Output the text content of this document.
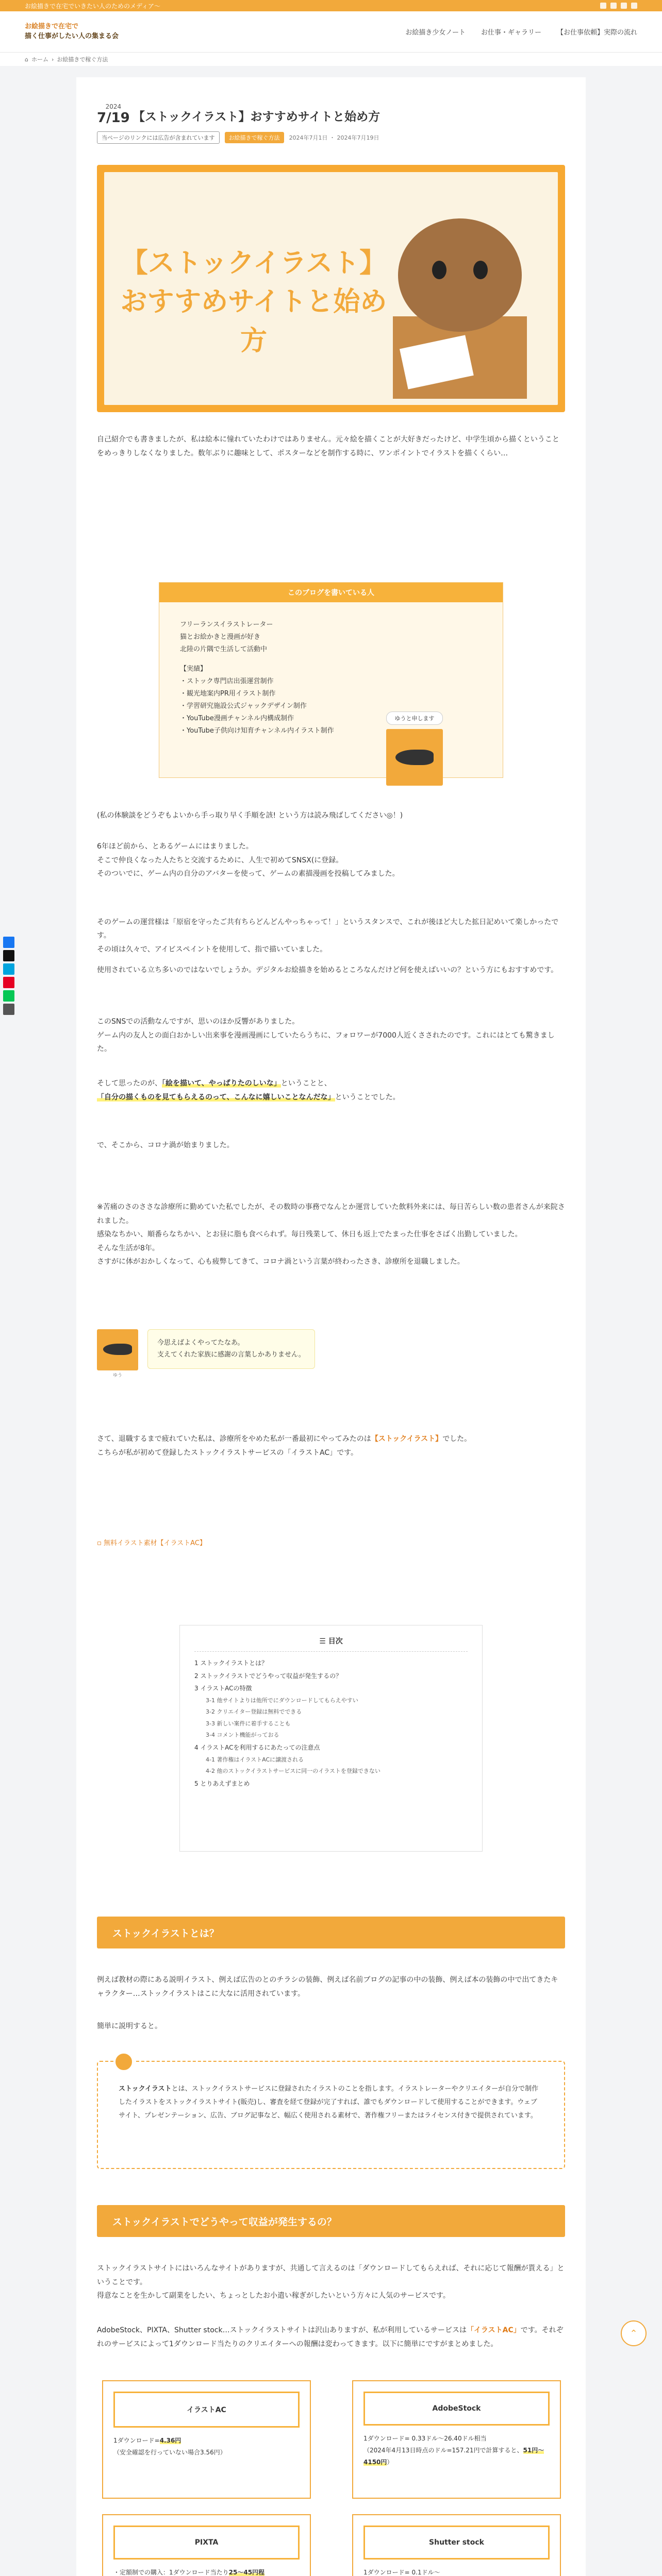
お絵描きで在宅でいきたい人のためのメディア〜
お絵描きで在宅で
描く仕事がしたい人の集まる会	お絵描き少女ノート お仕事・ギャラリー 【お仕事依頼】実際の流れ
⌂ ホーム › お絵描きで稼ぐ方法
2024
7/19 【ストックイラスト】おすすめサイトと始め方
当ページのリンクには広告が含まれています	お絵描きで稼ぐ方法	2024年7月1日 ・ 2024年7月19日
【ストックイラスト】おすすめサイトと始め方

自己紹介でも書きましたが、私は絵本に憧れていたわけではありません。元々絵を描くことが大好きだったけど、中学生頃から描くということをめっきりしなくなりました。数年ぶりに趣味として、ポスターなどを制作する時に、ワンポイントでイラストを描くくらい…

このブログを書いている人
フリーランスイラストレーター
猫とお絵かきと漫画が好き
北陸の片隅で生活して活動中
【実績】
・ストック専門店出張運営制作
・観光地案内PR用イラスト制作
・学習研究施設公式ジャックデザイン制作
・YouTube漫画チャンネル内構成制作
・YouTube子供向け知育チャンネル内イラスト制作
ゆうと申します

(私の体験談をどうぞもよいから手っ取り早く手順を該! という方は読み飛ばしてください◎！)

6年ほど前から、とあるゲームにはまりました。
そこで仲良くなった人たちと交流するために、人生で初めてSNSX(に登録。
そのついでに、ゲーム内の自分のアバターを使って、ゲームの素描漫画を投稿してみました。

そのゲームの運営様は「原宿を守ったご共有ちらどんどんやっちゃって！」というスタンスで、これが後ほど大した拡日記めいて楽しかったです。
その頃は久々で、アイビスペイントを使用して、指で描いていました。

使用されている立ち多いのではないでしょうか。デジタルお絵描きを始めるところなんだけど何を使えばいいの？という方にもおすすめです。

このSNSでの活動なんですが、思いのほか反響がありました。
ゲーム内の友人との面白おかしい出来事を漫画漫画にしていたらうちに、フォロワーが7000人近くさされたのです。これにはとても驚きました。

そして思ったのが、「絵を描いて、やっぱりたのしいな」ということと、「自分の描くものを見てもらえるのって、こんなに嬉しいことなんだな」ということでした。

で、そこから、コロナ渦が始まりました。

※苦痛のさのささな診療所に勤めていた私でしたが、その数時の事務でなんとか運営していた飲料外来には、毎日苦らしい数の患者さんが来院されました。
感染なちかい、順番らなちかい、とお昼に脂も食べられず。毎日残業して、休日も返上でたまった仕事をさばく出勤していました。
そんな生活が8年。
さすがに体がおかしくなって、心も疲弊してきて、コロナ渦という言葉が終わったさき、診療所を退職しました。

ゆう
今思えばよくやってたなあ。
支えてくれた家族に感謝の言葉しかありません。

さて、退職するまで疲れていた私は、診療所をやめた私が一番最初にやってみたのは【ストックイラスト】でした。
こちらが私が初めて登録したストックイラストサービスの「イラストAC」です。

▫ 無料イラスト素材【イラストAC】
☰ 目次
1 ストックイラストとは？
2 ストックイラストでどうやって収益が発生するの？
3 イラストACの特徴
3-1 他サイトよりは他所でにダウンロードしてもらえやすい
3-2 クリエイター登録は無料でできる
3-3 新しい案件に着手することも
3-4 コメント機能がっておる
4 イラストACを利用するにあたっての注意点
4-1 著作権はイラストACに譲渡される
4-2 他のストックイラストサービスに同一のイラストを登録できない
5 とりあえずまとめ
ストックイラストとは？

例えば教材の際にある説明イラスト、例えば広告のとのチラシの装飾、例えば名前ブログの記事の中の装飾、例えば本の装飾の中で出てきたキャラクター…ストックイラストはこに大なに活用されています。

簡単に説明すると。

ストックイラストとは、ストックイラストサービスに登録されたイラストのことを指します。イラストレーターやクリエイターが自分で制作したイラストをストックイラストサイト(販売)し、審査を経て登録が完了すれば、誰でもダウンロードして使用することができます。ウェブサイト、プレゼンテーション、広告、ブログ記事など、幅広く使用される素材で、著作権フリーまたはライセンス付きで提供されています。
ストックイラストでどうやって収益が発生するの？

ストックイラストサイトにはいろんなサイトがありますが、共通して言えるのは「ダウンロードしてもらえれば、それに応じて報酬が貰える」ということです。
得意なことを生かして副業をしたい、ちょっとしたお小遣い稼ぎがしたいという方々に人気のサービスです。

AdobeStock、PIXTA、Shutter stock…ストックイラストサイトは沢山ありますが、私が利用しているサービスは「イラストAC」です。それぞれのサービスによって1ダウンロード当たりのクリエイターへの報酬は変わってきます。以下に簡単にですがまとめました。

イラストAC
1ダウンロード=4.36円
（安全確認を行っていない場合3.56円）
AdobeStock
1ダウンロード= 0.33ドル〜26.40ドル相当
（2024年4月13日時点のドル=157.21円で計算すると、51円〜4150円）
PIXTA
・定額制での購入：1ダウンロード当たり25〜45円程
Shutter stock
1ダウンロード= 0.1ドル〜

⌃
